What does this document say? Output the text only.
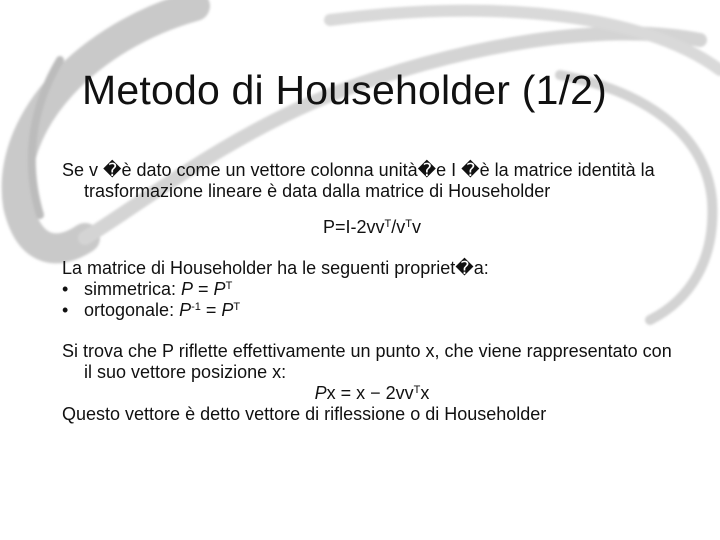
Metodo di Householder (1/2)

Se v �è dato come un vettore colonna unità�e I �è la matrice identità la trasformazione lineare è data dalla matrice di Householder

$P=I-2vv^T/v^Tv$

La matrice di Householder ha le seguenti propriet�a:

• simmetrica: $P = P^T$

• ortogonale: $P^{-1} = P^T$

Si trova che P riflette effettivamente un punto x, che viene rappresentato con il suo vettore posizione x:

$Px = x - 2vv^Tx$

Questo vettore è detto vettore di riflessione o di Householder
